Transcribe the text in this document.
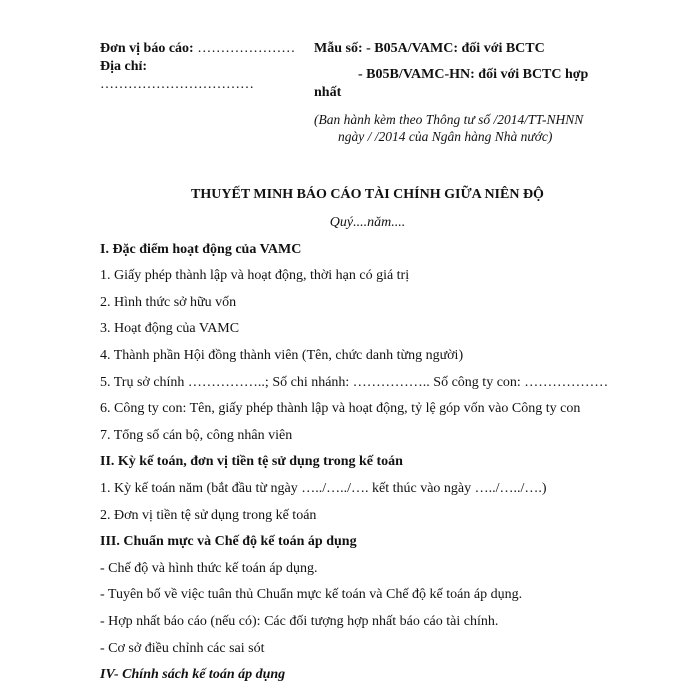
Đơn vị báo cáo: …………………
Địa chỉ:
……………………………
Mẫu số: - B05A/VAMC: đối với BCTC
- B05B/VAMC-HN: đối với BCTC hợp
nhất
(Ban hành kèm theo Thông tư số /2014/TT-NHNN
ngày / /2014 của Ngân hàng Nhà nước)
THUYẾT MINH BÁO CÁO TÀI CHÍNH GIỮA NIÊN ĐỘ
Quý....năm....
I. Đặc điểm hoạt động của VAMC
1. Giấy phép thành lập và hoạt động, thời hạn có giá trị
2. Hình thức sở hữu vốn
3. Hoạt động của VAMC
4. Thành phần Hội đồng thành viên (Tên, chức danh từng người)
5. Trụ sở chính ……………..; Số chi nhánh: …………….. Số công ty con: ………………
6. Công ty con: Tên, giấy phép thành lập và hoạt động, tỷ lệ góp vốn vào Công ty con
7. Tổng số cán bộ, công nhân viên
II. Kỳ kế toán, đơn vị tiền tệ sử dụng trong kế toán
1. Kỳ kế toán năm (bắt đầu từ ngày …../…../…. kết thúc vào ngày …../…../….)
2. Đơn vị tiền tệ sử dụng trong kế toán
III. Chuẩn mực và Chế độ kế toán áp dụng
- Chế độ và hình thức kế toán áp dụng.
- Tuyên bố về việc tuân thủ Chuẩn mực kế toán và Chế độ kế toán áp dụng.
- Hợp nhất báo cáo (nếu có): Các đối tượng hợp nhất báo cáo tài chính.
- Cơ sở điều chỉnh các sai sót
IV- Chính sách kế toán áp dụng
